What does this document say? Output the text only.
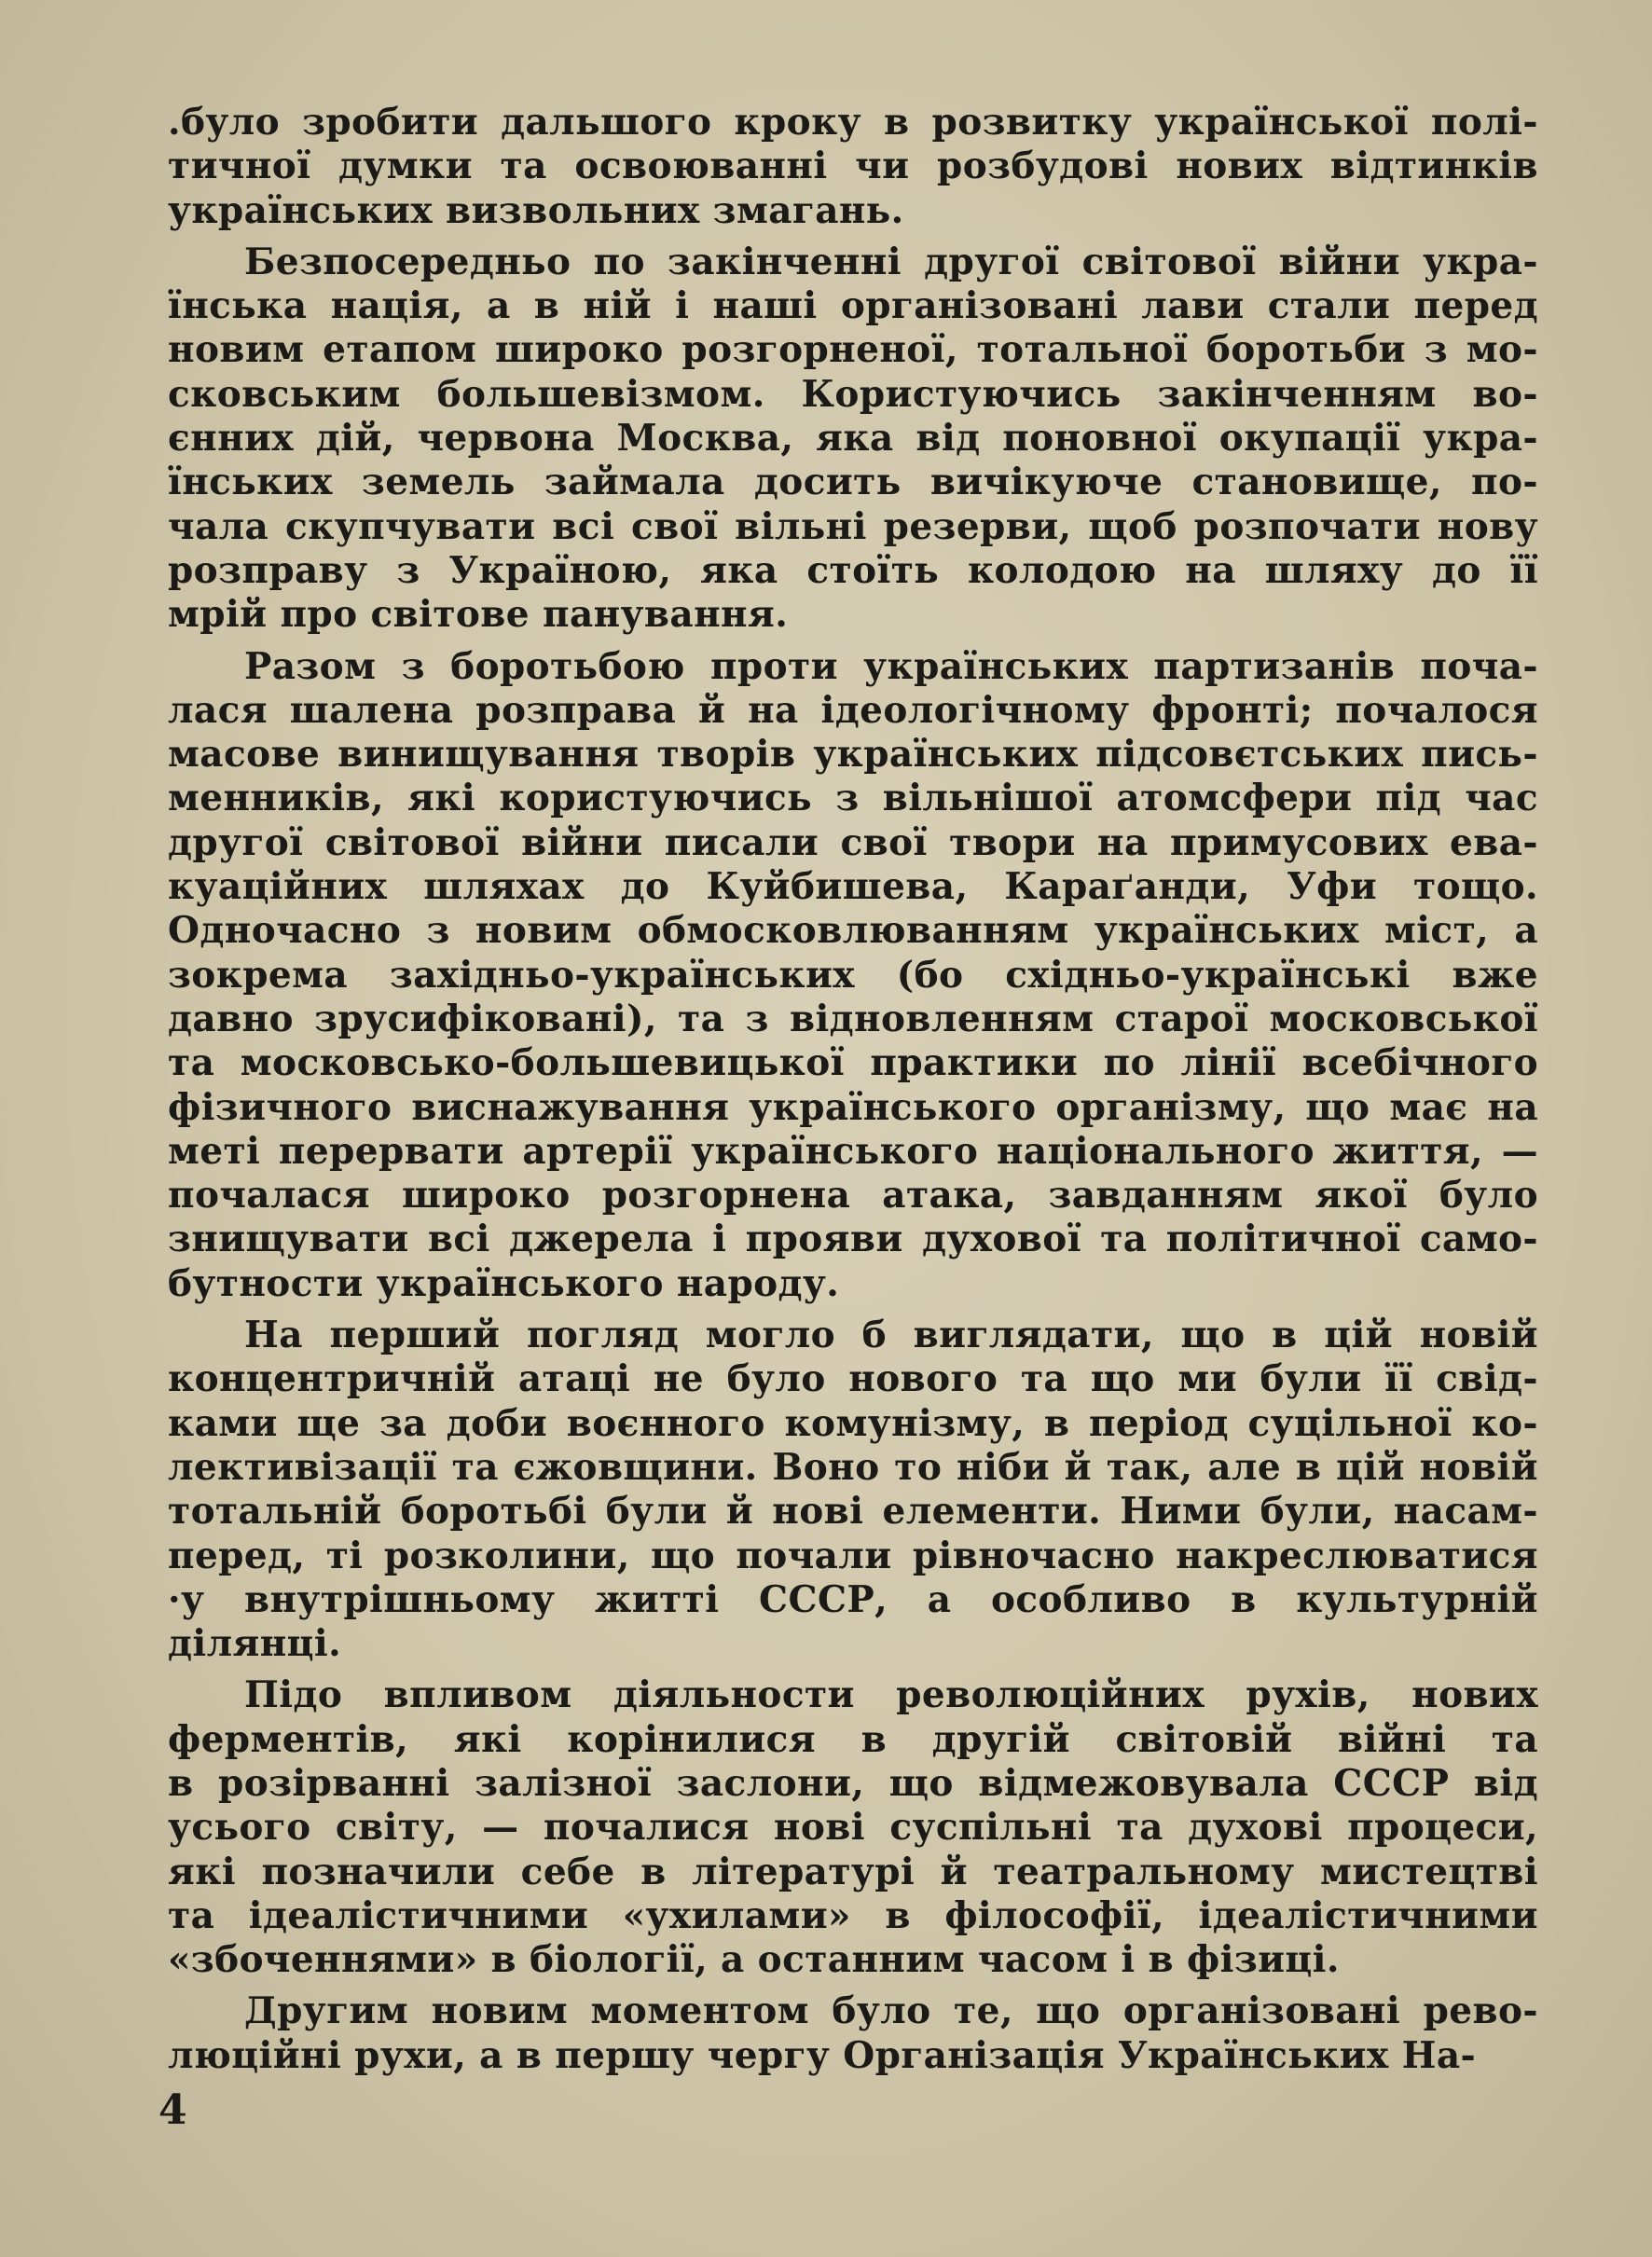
.було зробити дальшого кроку в розвитку української полі-
тичної думки та освоюванні чи розбудові нових відтинків
українських визвольних змагань.
Безпосередньо по закінченні другої світової війни укра-
їнська нація, а в ній і наші організовані лави стали перед
новим етапом широко розгорненої, тотальної боротьби з мо-
сковським большевізмом. Користуючись закінченням во-
єнних дій, червона Москва, яка від поновної окупації укра-
їнських земель займала досить вичікуюче становище, по-
чала скупчувати всі свої вільні резерви, щоб розпочати нову
розправу з Україною, яка стоїть колодою на шляху до її
мрій про світове панування.
Разом з боротьбою проти українських партизанів поча-
лася шалена розправа й на ідеологічному фронті; почалося
масове винищування творів українських підсовєтських пись-
менників, які користуючись з вільнішої атомсфери під час
другої світової війни писали свої твори на примусових ева-
куаційних шляхах до Куйбишева, Караґанди, Уфи тощо.
Одночасно з новим обмосковлюванням українських міст, а
зокрема західньо-українських (бо східньо-українські вже
давно зрусифіковані), та з відновленням старої московської
та московсько-большевицької практики по лінії всебічного
фізичного виснажування українського організму, що має на
меті перервати артерії українського національного життя, —
почалася широко розгорнена атака, завданням якої було
знищувати всі джерела і прояви духової та політичної само-
бутности українського народу.
На перший погляд могло б виглядати, що в цій новій
концентричній атаці не було нового та що ми були її свід-
ками ще за доби воєнного комунізму, в період суцільної ко-
лективізації та єжовщини. Воно то ніби й так, але в цій новій
тотальній боротьбі були й нові елементи. Ними були, насам-
перед, ті розколини, що почали рівночасно накреслюватися
·у внутрішньому житті СССР, а особливо в культурній
ділянці.
Підо впливом діяльности революційних рухів, нових
ферментів, які корінилися в другій світовій війні та
в розірванні залізної заслони, що відмежовувала СССР від
усього світу, — почалися нові суспільні та духові процеси,
які позначили себе в літературі й театральному мистецтві
та ідеалістичними «ухилами» в філософії, ідеалістичними
«збоченнями» в біології, а останним часом і в фізиці.
Другим новим моментом було те, що організовані рево-
люційні рухи, а в першу чергу Організація Українських На-
4
